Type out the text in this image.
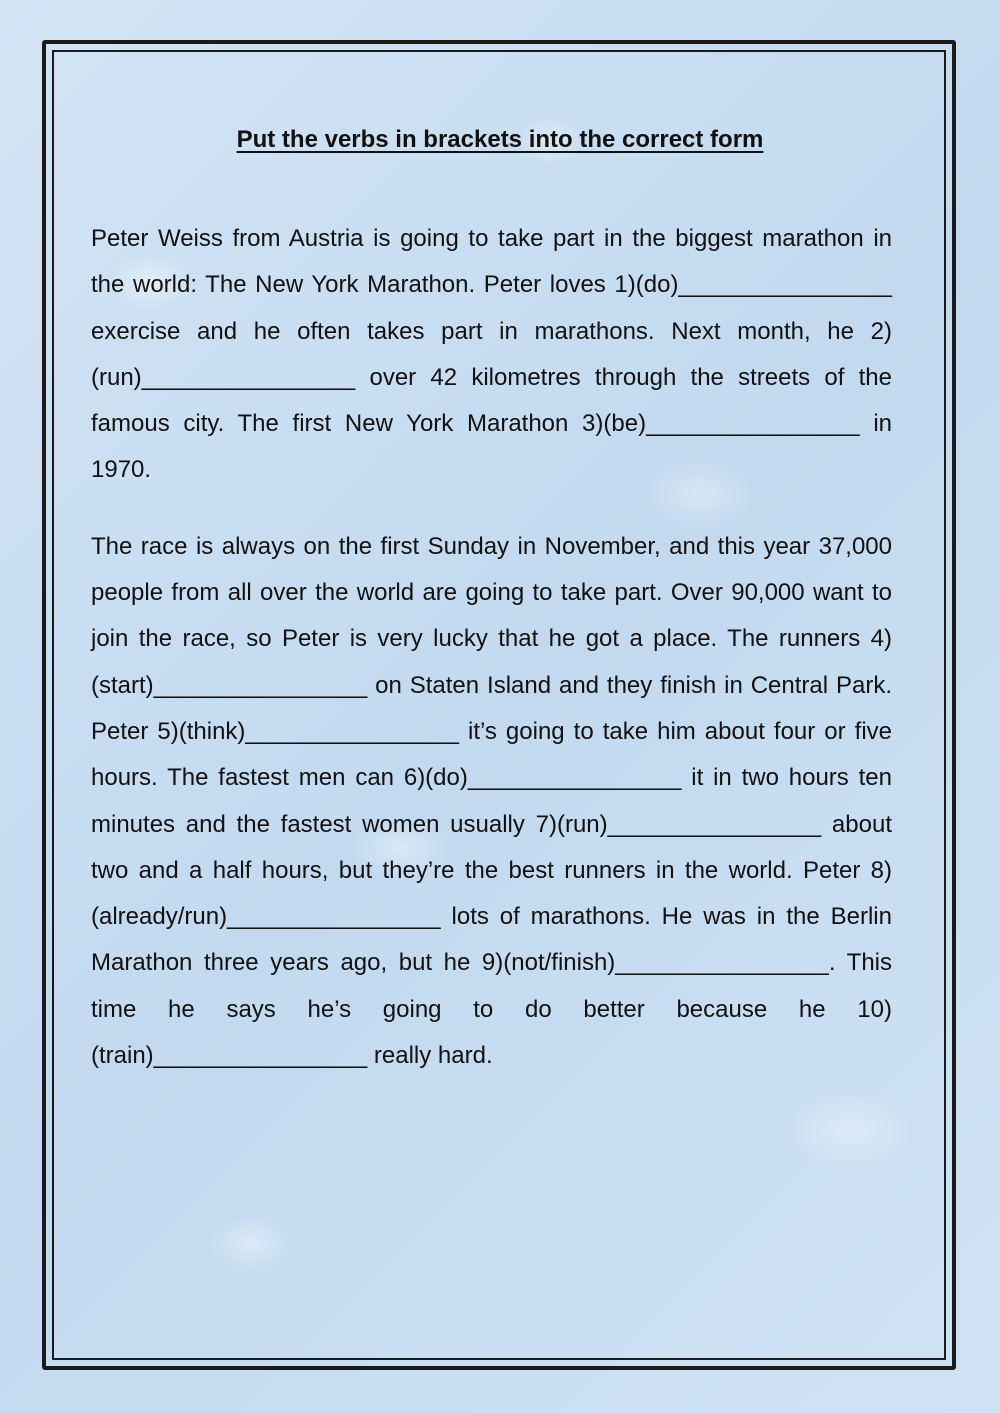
Put the verbs in brackets into the correct form

Peter Weiss from Austria is going to take part in the biggest marathon in the world: The New York Marathon. Peter loves 1)(do)________________ exercise and he often takes part in marathons. Next month, he 2)(run)________________ over 42 kilometres through the streets of the famous city. The first New York Marathon 3)(be)________________ in 1970.

The race is always on the first Sunday in November, and this year 37,000 people from all over the world are going to take part. Over 90,000 want to join the race, so Peter is very lucky that he got a place. The runners 4)(start)________________ on Staten Island and they finish in Central Park. Peter 5)(think)________________ it’s going to take him about four or five hours. The fastest men can 6)(do)________________ it in two hours ten minutes and the fastest women usually 7)(run)________________ about two and a half hours, but they’re the best runners in the world. Peter 8)(already/run)________________ lots of marathons. He was in the Berlin Marathon three years ago, but he 9)(not/finish)________________. This time he says he’s going to do better because he 10)(train)________________ really hard.
